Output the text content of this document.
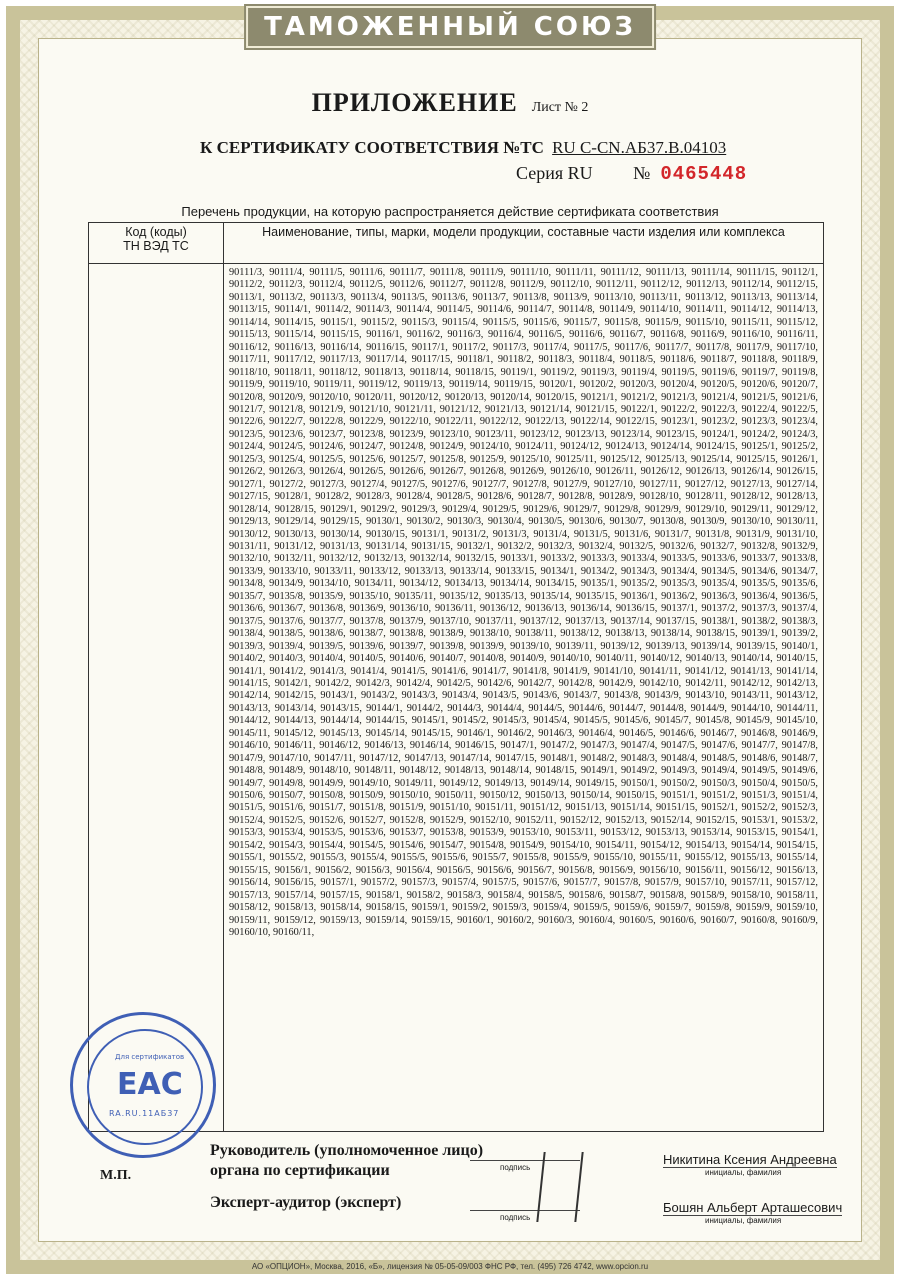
ТАМОЖЕННЫЙ СОЮЗ
ПРИЛОЖЕНИЕ Лист № 2
К СЕРТИФИКАТУ СООТВЕТСТВИЯ №ТС RU C-CN.АБ37.В.04103
Серия RU № 0465448
Перечень продукции, на которую распространяется действие сертификата соответствия
Код (коды)
ТН ВЭД ТС	Наименование, типы, марки, модели продукции, составные части изделия или комплекса

	90111/3, 90111/4, 90111/5, 90111/6, 90111/7, 90111/8, 90111/9, 90111/10, 90111/11, 90111/12, 90111/13, 90111/14, 90111/15, 90112/1, 90112/2, 90112/3, 90112/4, 90112/5, 90112/6, 90112/7, 90112/8, 90112/9, 90112/10, 90112/11, 90112/12, 90112/13, 90112/14, 90112/15, 90113/1, 90113/2, 90113/3, 90113/4, 90113/5, 90113/6, 90113/7, 90113/8, 90113/9, 90113/10, 90113/11, 90113/12, 90113/13, 90113/14, 90113/15, 90114/1, 90114/2, 90114/3, 90114/4, 90114/5, 90114/6, 90114/7, 90114/8, 90114/9, 90114/10, 90114/11, 90114/12, 90114/13, 90114/14, 90114/15, 90115/1, 90115/2, 90115/3, 90115/4, 90115/5, 90115/6, 90115/7, 90115/8, 90115/9, 90115/10, 90115/11, 90115/12, 90115/13, 90115/14, 90115/15, 90116/1, 90116/2, 90116/3, 90116/4, 90116/5, 90116/6, 90116/7, 90116/8, 90116/9, 90116/10, 90116/11, 90116/12, 90116/13, 90116/14, 90116/15, 90117/1, 90117/2, 90117/3, 90117/4, 90117/5, 90117/6, 90117/7, 90117/8, 90117/9, 90117/10, 90117/11, 90117/12, 90117/13, 90117/14, 90117/15, 90118/1, 90118/2, 90118/3, 90118/4, 90118/5, 90118/6, 90118/7, 90118/8, 90118/9, 90118/10, 90118/11, 90118/12, 90118/13, 90118/14, 90118/15, 90119/1, 90119/2, 90119/3, 90119/4, 90119/5, 90119/6, 90119/7, 90119/8, 90119/9, 90119/10, 90119/11, 90119/12, 90119/13, 90119/14, 90119/15, 90120/1, 90120/2, 90120/3, 90120/4, 90120/5, 90120/6, 90120/7, 90120/8, 90120/9, 90120/10, 90120/11, 90120/12, 90120/13, 90120/14, 90120/15, 90121/1, 90121/2, 90121/3, 90121/4, 90121/5, 90121/6, 90121/7, 90121/8, 90121/9, 90121/10, 90121/11, 90121/12, 90121/13, 90121/14, 90121/15, 90122/1, 90122/2, 90122/3, 90122/4, 90122/5, 90122/6, 90122/7, 90122/8, 90122/9, 90122/10, 90122/11, 90122/12, 90122/13, 90122/14, 90122/15, 90123/1, 90123/2, 90123/3, 90123/4, 90123/5, 90123/6, 90123/7, 90123/8, 90123/9, 90123/10, 90123/11, 90123/12, 90123/13, 90123/14, 90123/15, 90124/1, 90124/2, 90124/3, 90124/4, 90124/5, 90124/6, 90124/7, 90124/8, 90124/9, 90124/10, 90124/11, 90124/12, 90124/13, 90124/14, 90124/15, 90125/1, 90125/2, 90125/3, 90125/4, 90125/5, 90125/6, 90125/7, 90125/8, 90125/9, 90125/10, 90125/11, 90125/12, 90125/13, 90125/14, 90125/15, 90126/1, 90126/2, 90126/3, 90126/4, 90126/5, 90126/6, 90126/7, 90126/8, 90126/9, 90126/10, 90126/11, 90126/12, 90126/13, 90126/14, 90126/15, 90127/1, 90127/2, 90127/3, 90127/4, 90127/5, 90127/6, 90127/7, 90127/8, 90127/9, 90127/10, 90127/11, 90127/12, 90127/13, 90127/14, 90127/15, 90128/1, 90128/2, 90128/3, 90128/4, 90128/5, 90128/6, 90128/7, 90128/8, 90128/9, 90128/10, 90128/11, 90128/12, 90128/13, 90128/14, 90128/15, 90129/1, 90129/2, 90129/3, 90129/4, 90129/5, 90129/6, 90129/7, 90129/8, 90129/9, 90129/10, 90129/11, 90129/12, 90129/13, 90129/14, 90129/15, 90130/1, 90130/2, 90130/3, 90130/4, 90130/5, 90130/6, 90130/7, 90130/8, 90130/9, 90130/10, 90130/11, 90130/12, 90130/13, 90130/14, 90130/15, 90131/1, 90131/2, 90131/3, 90131/4, 90131/5, 90131/6, 90131/7, 90131/8, 90131/9, 90131/10, 90131/11, 90131/12, 90131/13, 90131/14, 90131/15, 90132/1, 90132/2, 90132/3, 90132/4, 90132/5, 90132/6, 90132/7, 90132/8, 90132/9, 90132/10, 90132/11, 90132/12, 90132/13, 90132/14, 90132/15, 90133/1, 90133/2, 90133/3, 90133/4, 90133/5, 90133/6, 90133/7, 90133/8, 90133/9, 90133/10, 90133/11, 90133/12, 90133/13, 90133/14, 90133/15, 90134/1, 90134/2, 90134/3, 90134/4, 90134/5, 90134/6, 90134/7, 90134/8, 90134/9, 90134/10, 90134/11, 90134/12, 90134/13, 90134/14, 90134/15, 90135/1, 90135/2, 90135/3, 90135/4, 90135/5, 90135/6, 90135/7, 90135/8, 90135/9, 90135/10, 90135/11, 90135/12, 90135/13, 90135/14, 90135/15, 90136/1, 90136/2, 90136/3, 90136/4, 90136/5, 90136/6, 90136/7, 90136/8, 90136/9, 90136/10, 90136/11, 90136/12, 90136/13, 90136/14, 90136/15, 90137/1, 90137/2, 90137/3, 90137/4, 90137/5, 90137/6, 90137/7, 90137/8, 90137/9, 90137/10, 90137/11, 90137/12, 90137/13, 90137/14, 90137/15, 90138/1, 90138/2, 90138/3, 90138/4, 90138/5, 90138/6, 90138/7, 90138/8, 90138/9, 90138/10, 90138/11, 90138/12, 90138/13, 90138/14, 90138/15, 90139/1, 90139/2, 90139/3, 90139/4, 90139/5, 90139/6, 90139/7, 90139/8, 90139/9, 90139/10, 90139/11, 90139/12, 90139/13, 90139/14, 90139/15, 90140/1, 90140/2, 90140/3, 90140/4, 90140/5, 90140/6, 90140/7, 90140/8, 90140/9, 90140/10, 90140/11, 90140/12, 90140/13, 90140/14, 90140/15, 90141/1, 90141/2, 90141/3, 90141/4, 90141/5, 90141/6, 90141/7, 90141/8, 90141/9, 90141/10, 90141/11, 90141/12, 90141/13, 90141/14, 90141/15, 90142/1, 90142/2, 90142/3, 90142/4, 90142/5, 90142/6, 90142/7, 90142/8, 90142/9, 90142/10, 90142/11, 90142/12, 90142/13, 90142/14, 90142/15, 90143/1, 90143/2, 90143/3, 90143/4, 90143/5, 90143/6, 90143/7, 90143/8, 90143/9, 90143/10, 90143/11, 90143/12, 90143/13, 90143/14, 90143/15, 90144/1, 90144/2, 90144/3, 90144/4, 90144/5, 90144/6, 90144/7, 90144/8, 90144/9, 90144/10, 90144/11, 90144/12, 90144/13, 90144/14, 90144/15, 90145/1, 90145/2, 90145/3, 90145/4, 90145/5, 90145/6, 90145/7, 90145/8, 90145/9, 90145/10, 90145/11, 90145/12, 90145/13, 90145/14, 90145/15, 90146/1, 90146/2, 90146/3, 90146/4, 90146/5, 90146/6, 90146/7, 90146/8, 90146/9, 90146/10, 90146/11, 90146/12, 90146/13, 90146/14, 90146/15, 90147/1, 90147/2, 90147/3, 90147/4, 90147/5, 90147/6, 90147/7, 90147/8, 90147/9, 90147/10, 90147/11, 90147/12, 90147/13, 90147/14, 90147/15, 90148/1, 90148/2, 90148/3, 90148/4, 90148/5, 90148/6, 90148/7, 90148/8, 90148/9, 90148/10, 90148/11, 90148/12, 90148/13, 90148/14, 90148/15, 90149/1, 90149/2, 90149/3, 90149/4, 90149/5, 90149/6, 90149/7, 90149/8, 90149/9, 90149/10, 90149/11, 90149/12, 90149/13, 90149/14, 90149/15, 90150/1, 90150/2, 90150/3, 90150/4, 90150/5, 90150/6, 90150/7, 90150/8, 90150/9, 90150/10, 90150/11, 90150/12, 90150/13, 90150/14, 90150/15, 90151/1, 90151/2, 90151/3, 90151/4, 90151/5, 90151/6, 90151/7, 90151/8, 90151/9, 90151/10, 90151/11, 90151/12, 90151/13, 90151/14, 90151/15, 90152/1, 90152/2, 90152/3, 90152/4, 90152/5, 90152/6, 90152/7, 90152/8, 90152/9, 90152/10, 90152/11, 90152/12, 90152/13, 90152/14, 90152/15, 90153/1, 90153/2, 90153/3, 90153/4, 90153/5, 90153/6, 90153/7, 90153/8, 90153/9, 90153/10, 90153/11, 90153/12, 90153/13, 90153/14, 90153/15, 90154/1, 90154/2, 90154/3, 90154/4, 90154/5, 90154/6, 90154/7, 90154/8, 90154/9, 90154/10, 90154/11, 90154/12, 90154/13, 90154/14, 90154/15, 90155/1, 90155/2, 90155/3, 90155/4, 90155/5, 90155/6, 90155/7, 90155/8, 90155/9, 90155/10, 90155/11, 90155/12, 90155/13, 90155/14, 90155/15, 90156/1, 90156/2, 90156/3, 90156/4, 90156/5, 90156/6, 90156/7, 90156/8, 90156/9, 90156/10, 90156/11, 90156/12, 90156/13, 90156/14, 90156/15, 90157/1, 90157/2, 90157/3, 90157/4, 90157/5, 90157/6, 90157/7, 90157/8, 90157/9, 90157/10, 90157/11, 90157/12, 90157/13, 90157/14, 90157/15, 90158/1, 90158/2, 90158/3, 90158/4, 90158/5, 90158/6, 90158/7, 90158/8, 90158/9, 90158/10, 90158/11, 90158/12, 90158/13, 90158/14, 90158/15, 90159/1, 90159/2, 90159/3, 90159/4, 90159/5, 90159/6, 90159/7, 90159/8, 90159/9, 90159/10, 90159/11, 90159/12, 90159/13, 90159/14, 90159/15, 90160/1, 90160/2, 90160/3, 90160/4, 90160/5, 90160/6, 90160/7, 90160/8, 90160/9, 90160/10, 90160/11,
Для сертификатов
EAC
RA.RU.11АБ37
М.П.
Руководитель (уполномоченное лицо) органа по сертификации
Эксперт-аудитор (эксперт)
подпись
подпись
Никитина Ксения Андреевна
инициалы, фамилия
Бошян Альберт Арташесович
инициалы, фамилия
АО «ОПЦИОН», Москва, 2016, «Б», лицензия № 05-05-09/003 ФНС РФ, тел. (495) 726 4742, www.opcion.ru
